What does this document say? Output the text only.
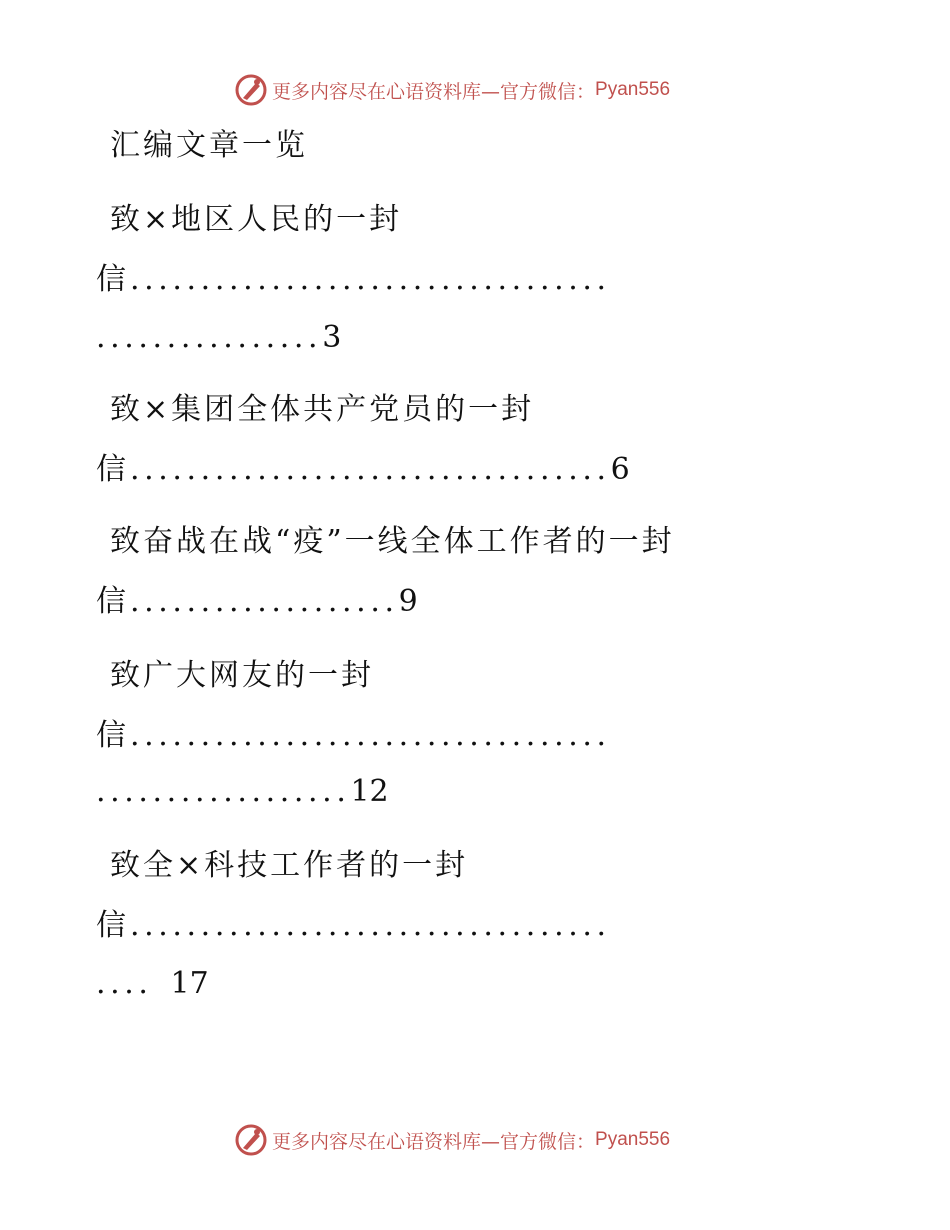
更多内容尽在心语资料库—官方微信： Pyan556
汇编文章一览
致×地区人民的一封
信..................................
................3
致×集团全体共产党员的一封
信..................................6
致奋战在战“疫”一线全体工作者的一封
信...................9
致广大网友的一封
信..................................
..................12
致全×科技工作者的一封
信..................................
.... 17
更多内容尽在心语资料库—官方微信： Pyan556
